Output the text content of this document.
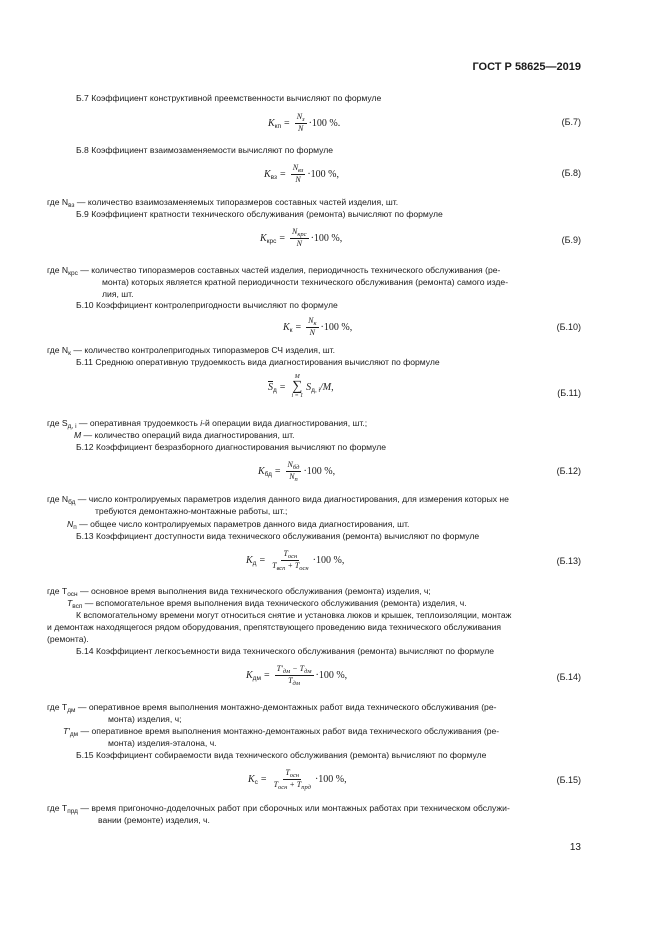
ГОСТ Р 58625—2019
Б.7 Коэффициент конструктивной преемственности вычисляют по формуле
K кп = $\frac{N_з}{N} \cdot 100$ %.	(Б.7)
Б.8 Коэффициент взаимозаменяемости вычисляют по формуле
K вз = $\frac{N_{вз}}{N} \cdot 100$ %,	(Б.8)
где $N_{вз}$ — количество взаимозаменяемых типоразмеров составных частей изделия, шт.
Б.9 Коэффициент кратности технического обслуживания (ремонта) вычисляют по формуле
K крс = $\frac{N_{крс}}{N} \cdot 100$ %,	(Б.9)
где $N_{крс}$ — количество типоразмеров составных частей изделия, периодичность технического обслуживания (ре-
монта) которых является кратной периодичности технического обслуживания (ремонта) самого изде-
лия, шт.
Б.10 Коэффициент контролепригодности вычисляют по формуле
K $к = \frac{N_к}{N} \cdot 100$ %,	(Б.10)
где $N_к$ — количество контролепригодных типоразмеров СЧ изделия, шт.
Б.11 Среднюю оперативную трудоемкость вида диагностирования вычисляют по формуле
$\overline{S}$ д =
M
∑
i = 1
S д, i /M,
(Б.11)
где $S_{д, i}$ — оперативная трудоемкость i-й операции вида диагностирования, шт.;
M — количество операций вида диагностирования, шт.
Б.12 Коэффициент безразборного диагностирования вычисляют по формуле
K бд = $\frac{N_{бд}}{N_п} \cdot 100$ %,	(Б.12)
где $N_{бд}$ — число контролируемых параметров изделия данного вида диагностирования, для измерения которых не
требуются демонтажно-монтажные работы, шт.;
$N_п$ — общее число контролируемых параметров данного вида диагностирования, шт.
Б.13 Коэффициент доступности вида технического обслуживания (ремонта) вычисляют по формуле
K $д = \frac{T_{осн}}{T_{всп} + T_{осн}} \cdot 100$ %,	(Б.13)
где $T_{осн}$ — основное время выполнения вида технического обслуживания (ремонта) изделия, ч;
$T_{всп}$ — вспомогательное время выполнения вида технического обслуживания (ремонта) изделия, ч.
К вспомогательному времени могут относиться снятие и установка люков и крышек, теплоизоляции, монтаж
и демонтаж находящегося рядом оборудования, препятствующего проведению вида технического обслуживания
(ремонта).
Б.14 Коэффициент легкосъемности вида технического обслуживания (ремонта) вычисляют по формуле
K дм = $\frac{T'_{дм} - T_{дм}}{T_{дм}} \cdot 100$ %,	(Б.14)
где $T_{дм}$ — оперативное время выполнения монтажно-демонтажных работ вида технического обслуживания (ре-
монта) изделия, ч;
$T'_{дм}$ — оперативное время выполнения монтажно-демонтажных работ вида технического обслуживания (ре-
монта) изделия-эталона, ч.
Б.15 Коэффициент собираемости вида технического обслуживания (ремонта) вычисляют по формуле
K $с = \frac{T_{осн}}{T_{осн} + T_{прд}} \cdot 100$ %,	(Б.15)
где $T_{прд}$ — время пригоночно-доделочных работ при сборочных или монтажных работах при техническом обслужи-
вании (ремонте) изделия, ч.
13
